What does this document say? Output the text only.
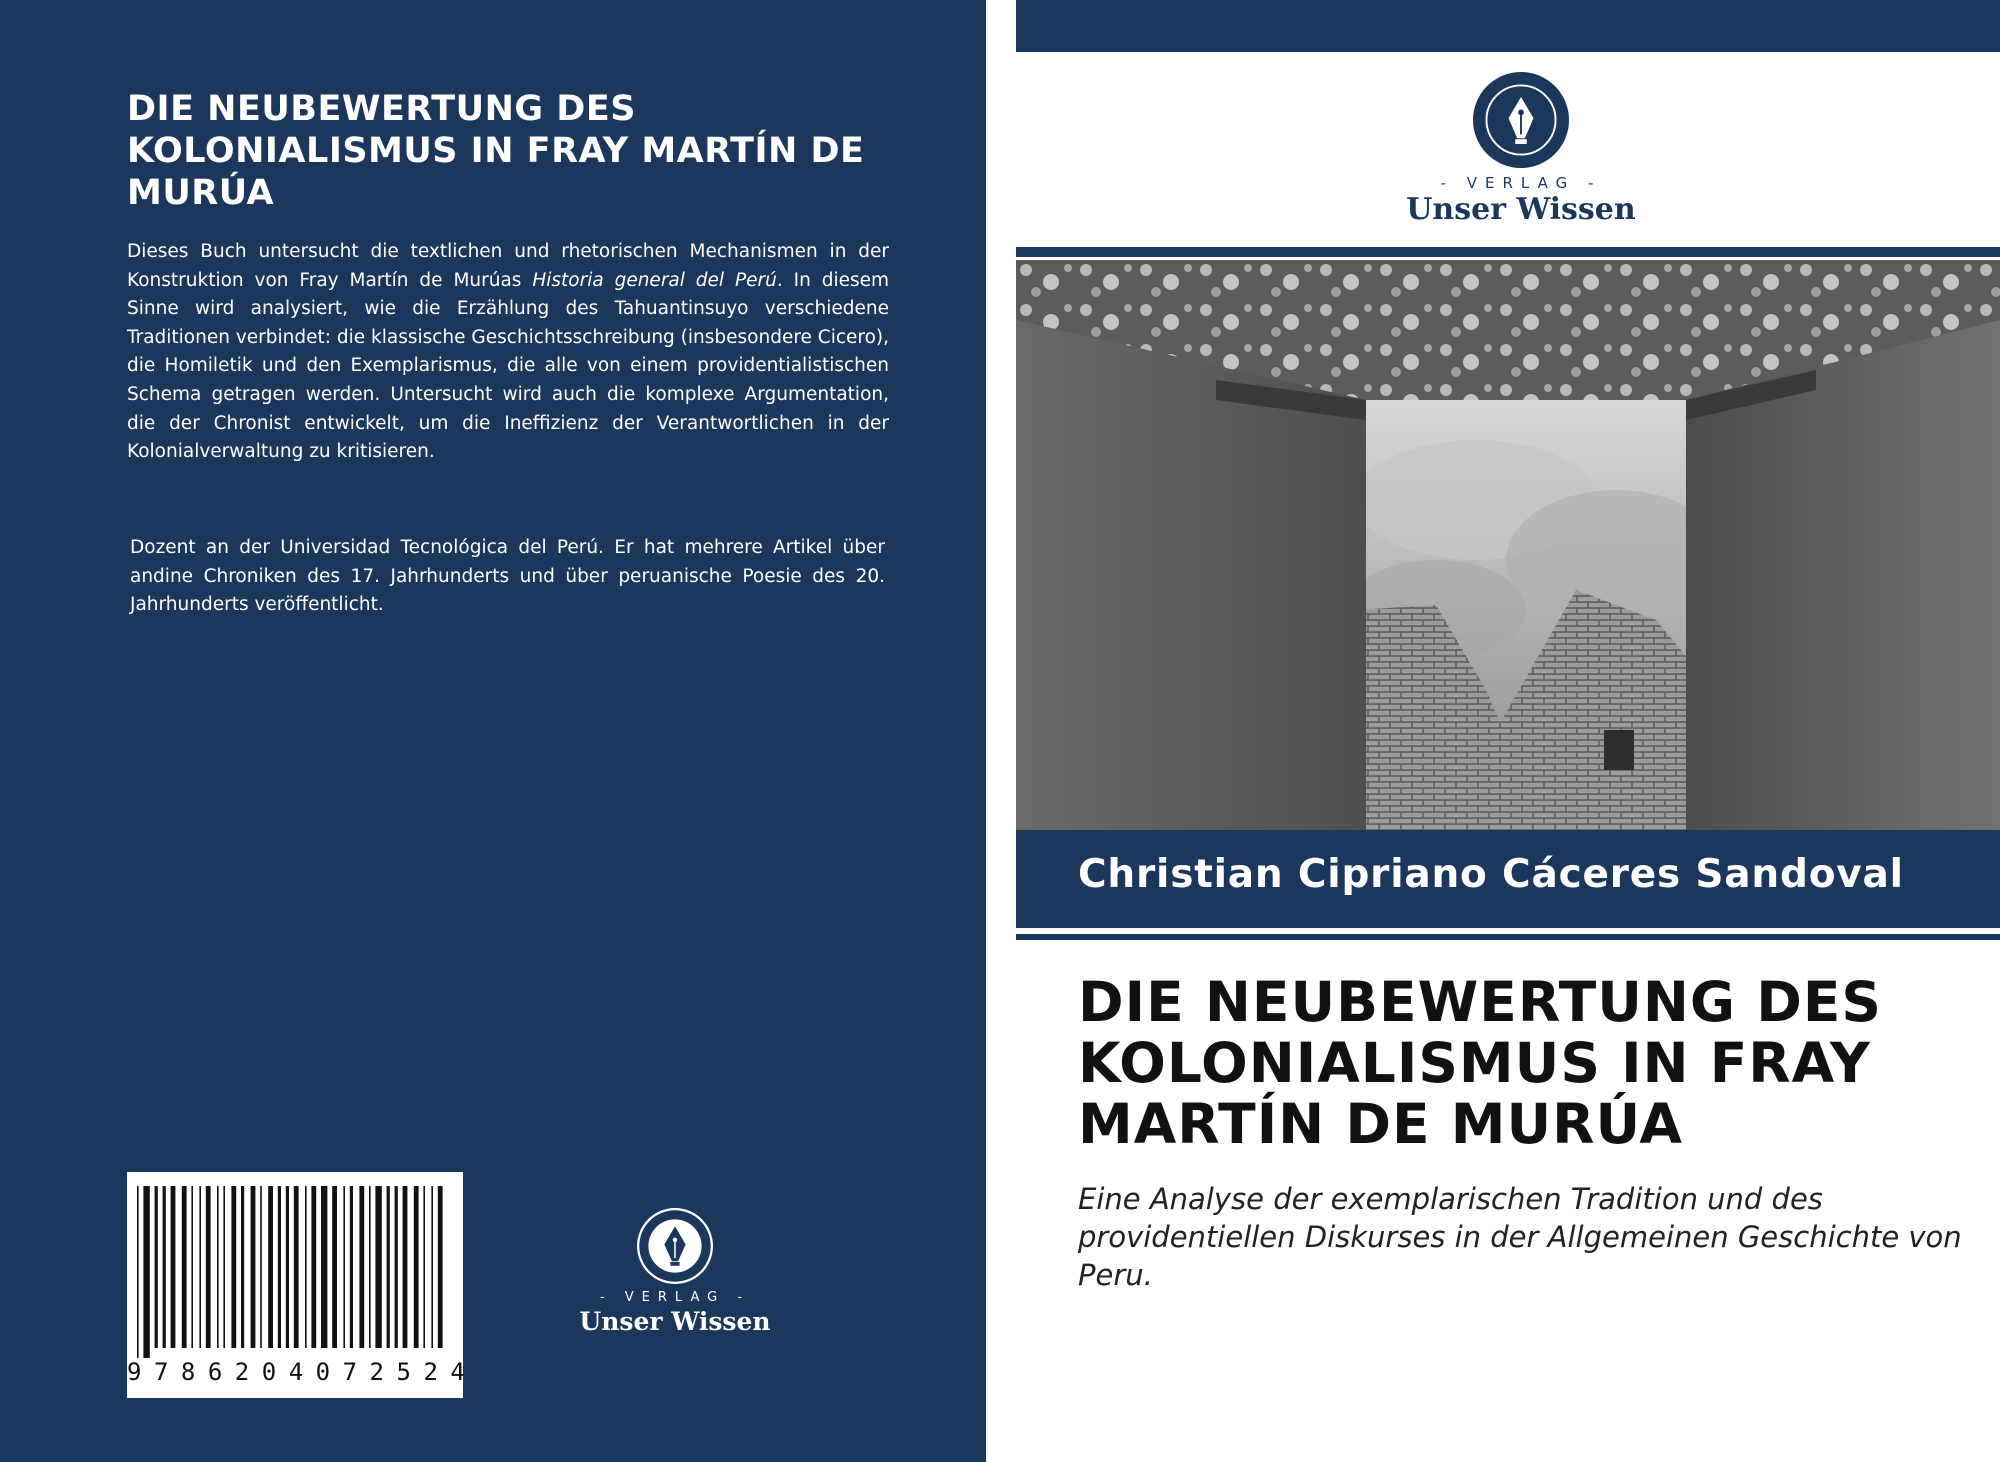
DIE NEUBEWERTUNG DES KOLONIALISMUS IN FRAY MARTÍN DE MURÚA

Dieses Buch untersucht die textlichen und rhetorischen Mechanismen in der Konstruktion von Fray Martín de Murúas Historia general del Perú. In diesem Sinne wird analysiert, wie die Erzählung des Tahuantinsuyo verschiedene Traditionen verbindet: die klassische Geschichtsschreibung (insbesondere Cicero), die Homiletik und den Exemplarismus, die alle von einem providentialistischen Schema getragen werden. Untersucht wird auch die komplexe Argumentation, die der Chronist entwickelt, um die Ineffizienz der Verantwortlichen in der Kolonialverwaltung zu kritisieren.

Dozent an der Universidad Tecnológica del Perú. Er hat mehrere Artikel über andine Chroniken des 17. Jahrhunderts und über peruanische Poesie des 20. Jahrhunderts veröffentlicht.

9786204072524
- VERLAG -
Unser Wissen
- VERLAG -
Unser Wissen

Christian Cipriano Cáceres Sandoval

DIE NEUBEWERTUNG DES KOLONIALISMUS IN FRAY MARTÍN DE MURÚA

Eine Analyse der exemplarischen Tradition und des providentiellen Diskurses in der Allgemeinen Geschichte von Peru.
